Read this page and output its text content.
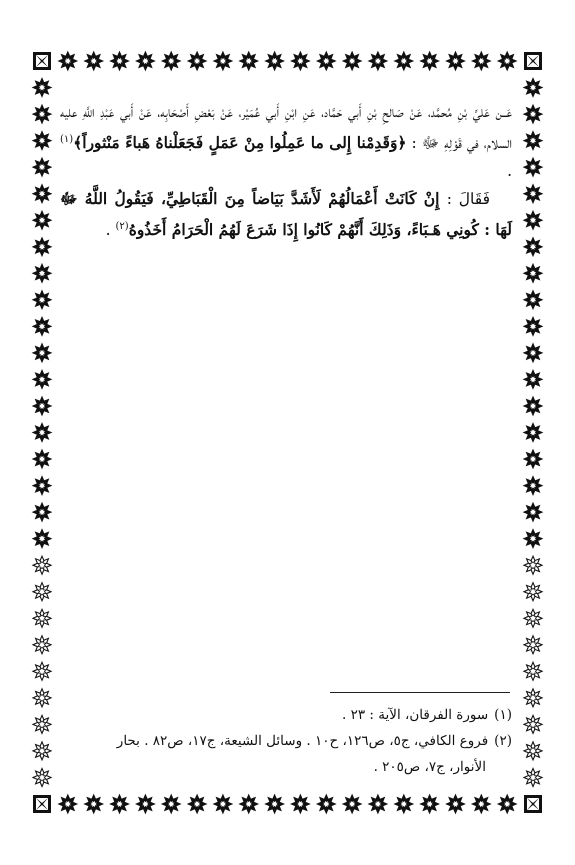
عَــن عَليِّ بْنِ مُحمَّد، عَنْ صَالحِ بْنِ أَبي حَمَّاد، عَنِ ابْنِ أَبي عُمَيْر، عَنْ بَعْضِ أَصْحَابِه، عَنْ أَبي عَبْدِ اللَّهِ عليه السلام، في قَوْلِهِ ﷻ : ﴿وَقَدِمْنا إِلى ما عَمِلُوا مِنْ عَمَلٍ فَجَعَلْناهُ هَباءً مَنْثوراً﴾$^{(١)}$ .

فَقَالَ : إِنْ كَانَتْ أَعْمَالُهُمْ لَأَشَدَّ بَيَاضاً مِنَ الْقَبَاطِيِّ، فَيَقُولُ اللَّهُ ﷻ لَهَا : كُونِي هَـبَاءً، وَذَلِكَ أَنَّهُمْ كَانُوا إِذَا شَرَعَ لَهُمُ الْحَرَامُ أَخَذُوهُ$^{(٢)}$ .

(١)سورة الفرقان، الآية : ٢٣ .

(٢)فروع الكافي، ج٥، ص١٢٦، ح١٠ . وسائل الشيعة، ج١٧، ص٨٢ . بحار

الأنوار، ج٧، ص٢٠٥ .
